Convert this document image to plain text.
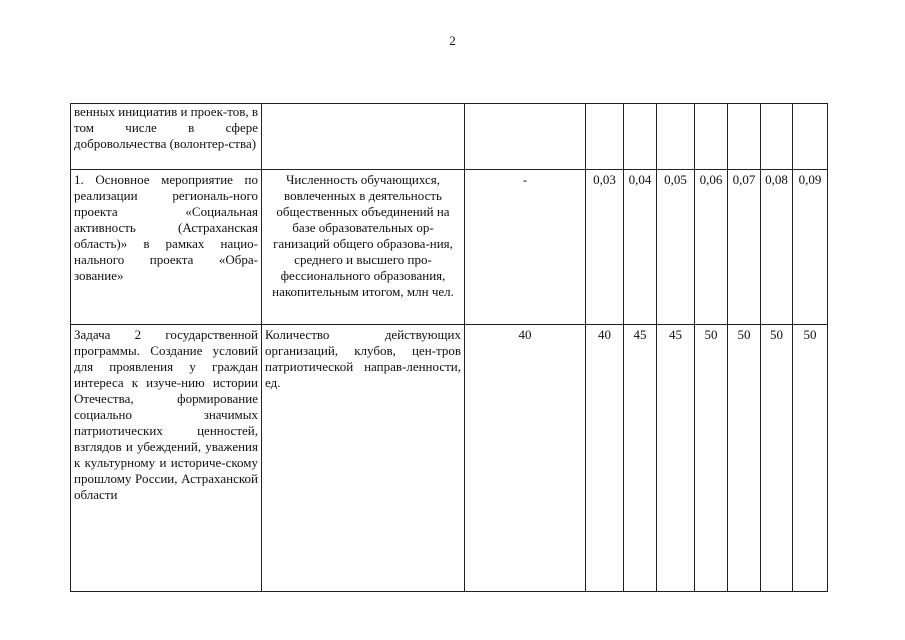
2
венных инициатив и проек-тов, в том числе в сфере добровольчества (волонтер-ства)									
1. Основное мероприятие по реализации региональ-ного проекта «Социальная активность (Астраханская область)» в рамках нацио-нального проекта «Обра-зование»	Численность обучающихся, вовлеченных в деятельность общественных объединений на базе образовательных ор-ганизаций общего образова-ния, среднего и высшего про-фессионального образования, накопительным итогом, млн чел.	-	0,03	0,04	0,05	0,06	0,07	0,08	0,09
Задача 2 государственной программы. Создание условий для проявления у граждан интереса к изуче-нию истории Отечества, формирование социально значимых патриотических ценностей, взглядов и убеждений, уважения к культурному и историче-скому прошлому России, Астраханской области	Количество действующих организаций, клубов, цен-тров патриотической направ-ленности, ед.	40	40	45	45	50	50	50	50
